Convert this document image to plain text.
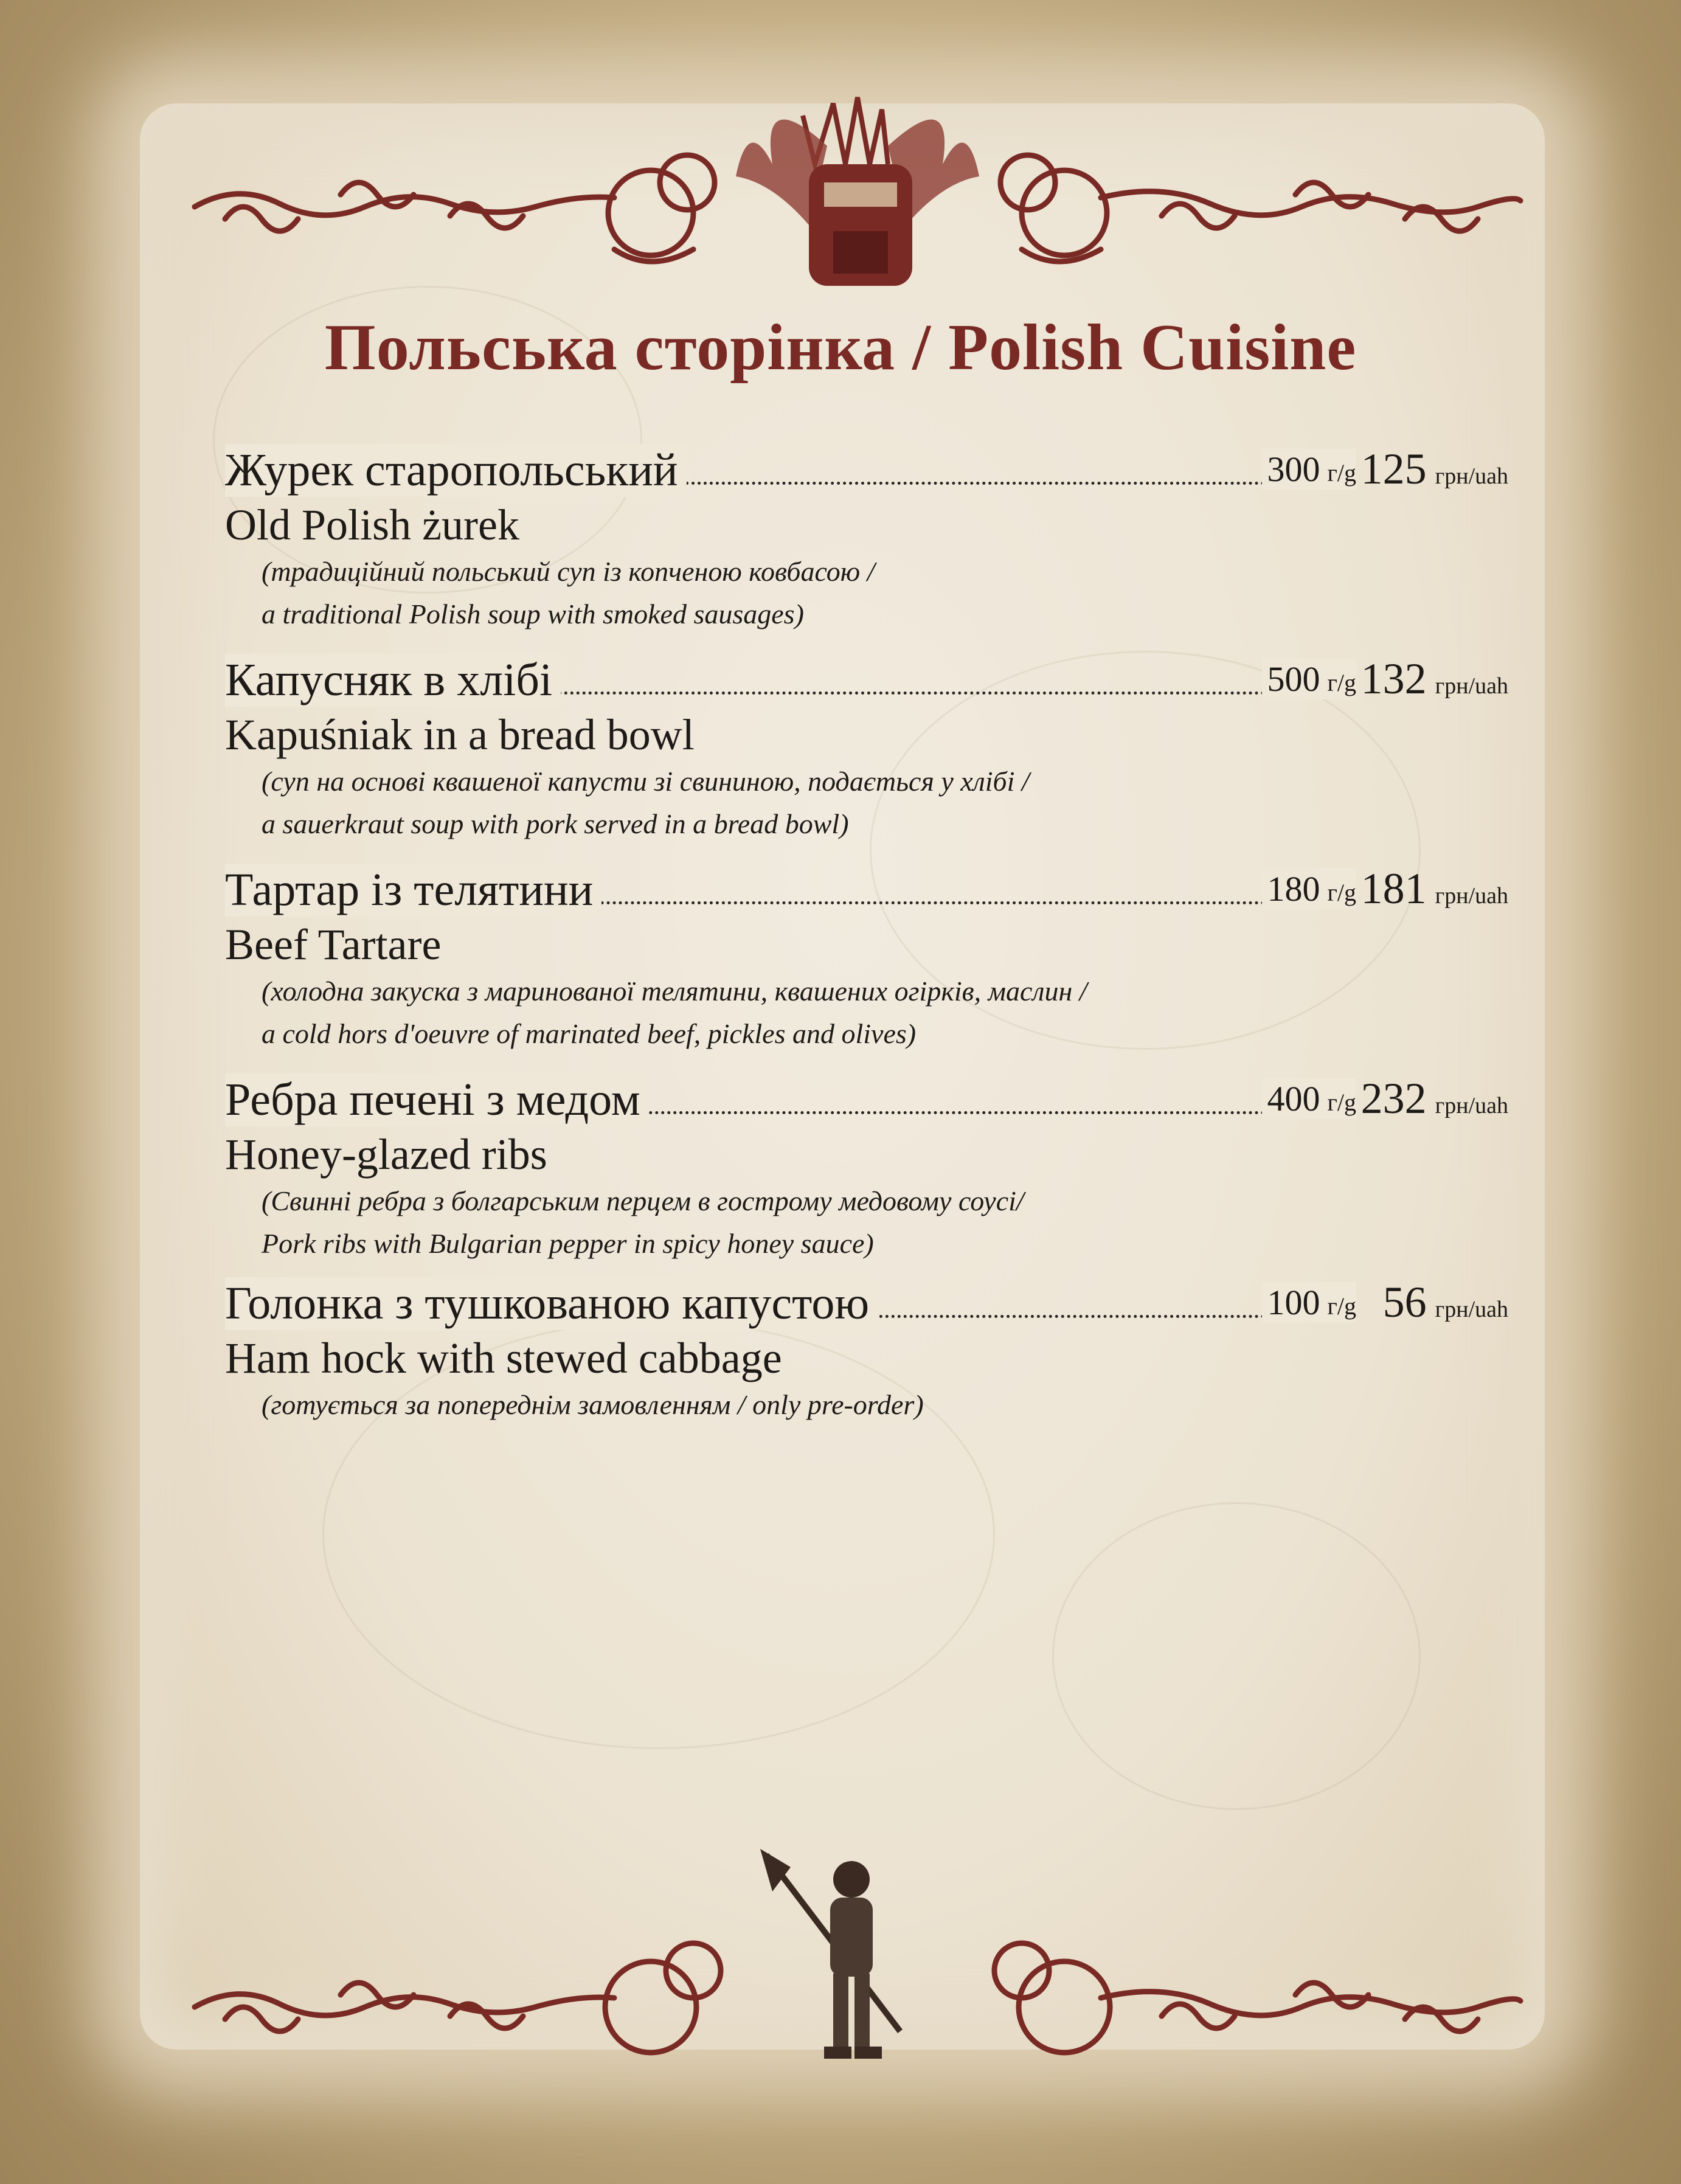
Польська сторінка / Polish Cuisine
Журек старопольський	300 г/g 125 грн/uah
Old Polish żurek
(традиційний польський суп із копченою ковбасою /
a traditional Polish soup with smoked sausages)
Капусняк в хлібі	500 г/g 132 грн/uah
Kapuśniak in a bread bowl
(суп на основі квашеної капусти зі свининою, подається у хлібі /
a sauerkraut soup with pork served in a bread bowl)
Тартар із телятини	180 г/g 181 грн/uah
Beef Tartare
(холодна закуска з маринованої телятини, квашених огірків, маслин /
a cold hors d'oeuvre of marinated beef, pickles and olives)
Ребра печені з медом	400 г/g 232 грн/uah
Honey-glazed ribs
(Свинні ребра з болгарським перцем в гострому медовому соусі/
Pork ribs with Bulgarian pepper in spicy honey sauce)
Голонка з тушкованою капустою	100 г/g 56 грн/uah
Ham hock with stewed cabbage
(готується за попереднім замовленням / only pre-order)
